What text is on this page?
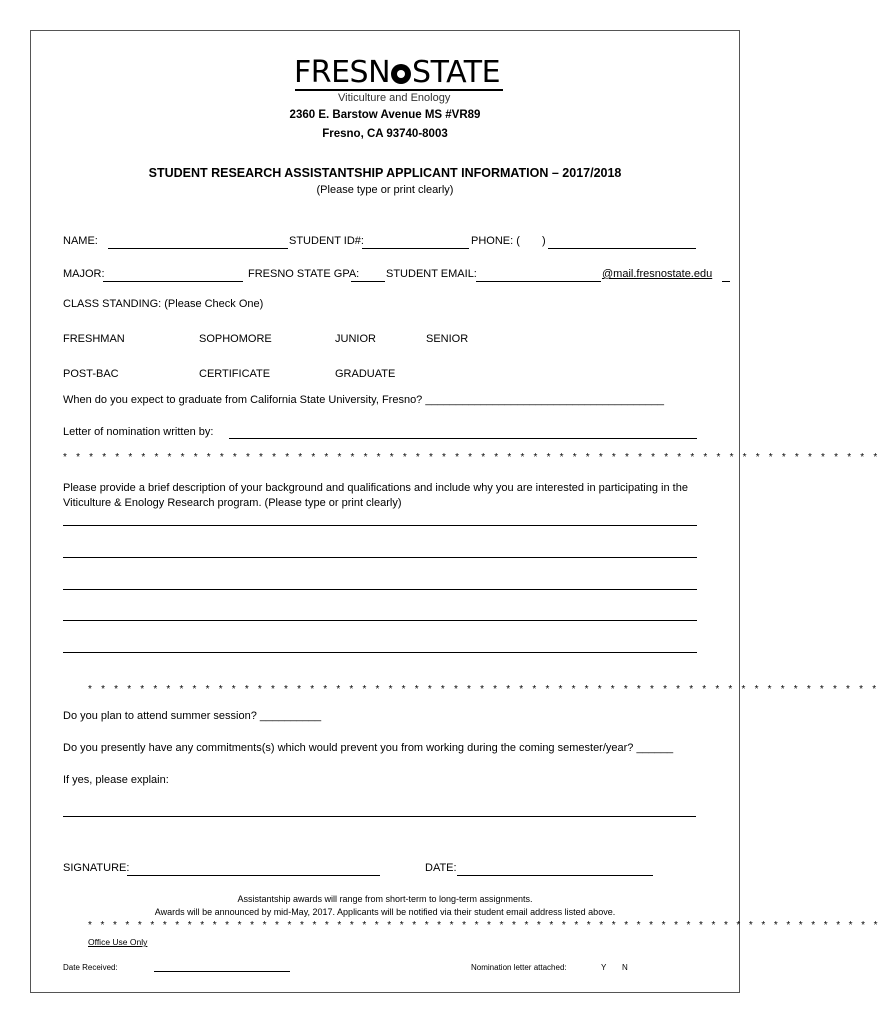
FRESN STATE
Viticulture and Enology
2360 E. Barstow Avenue MS #VR89
Fresno, CA 93740-8003
STUDENT RESEARCH ASSISTANTSHIP APPLICANT INFORMATION – 2017/2018
(Please type or print clearly)
NAME:	STUDENT ID#:	PHONE: ( )
MAJOR:	FRESNO STATE GPA: STUDENT EMAIL:	@mail.fresnostate.edu
CLASS STANDING: (Please Check One)
FRESHMAN	SOPHOMORE	JUNIOR	SENIOR
POST-BAC	CERTIFICATE	GRADUATE
When do you expect to graduate from California State University, Fresno? _______________________________________
Letter of nomination written by:
* * * * * * * * * * * * * * * * * * * * * * * * * * * * * * * * * * * * * * * * * * * * * * * * * * * * * * * * * * * * * * *
Please provide a brief description of your background and qualifications and include why you are interested in participating in the
Viticulture & Enology Research program. (Please type or print clearly)
* * * * * * * * * * * * * * * * * * * * * * * * * * * * * * * * * * * * * * * * * * * * * * * * * * * * * * * * * * * * *
Do you plan to attend summer session? __________
Do you presently have any commitments(s) which would prevent you from working during the coming semester/year? ______
If yes, please explain:
SIGNATURE:	DATE:
Assistantship awards will range from short-term to long-term assignments.
Awards will be announced by mid-May, 2017. Applicants will be notified via their student email address listed above.
* * * * * * * * * * * * * * * * * * * * * * * * * * * * * * * * * * * * * * * * * * * * * * * * * * * * * * * * * * * * * * * *
Office Use Only
Date Received:	Nomination letter attached:	Y N
